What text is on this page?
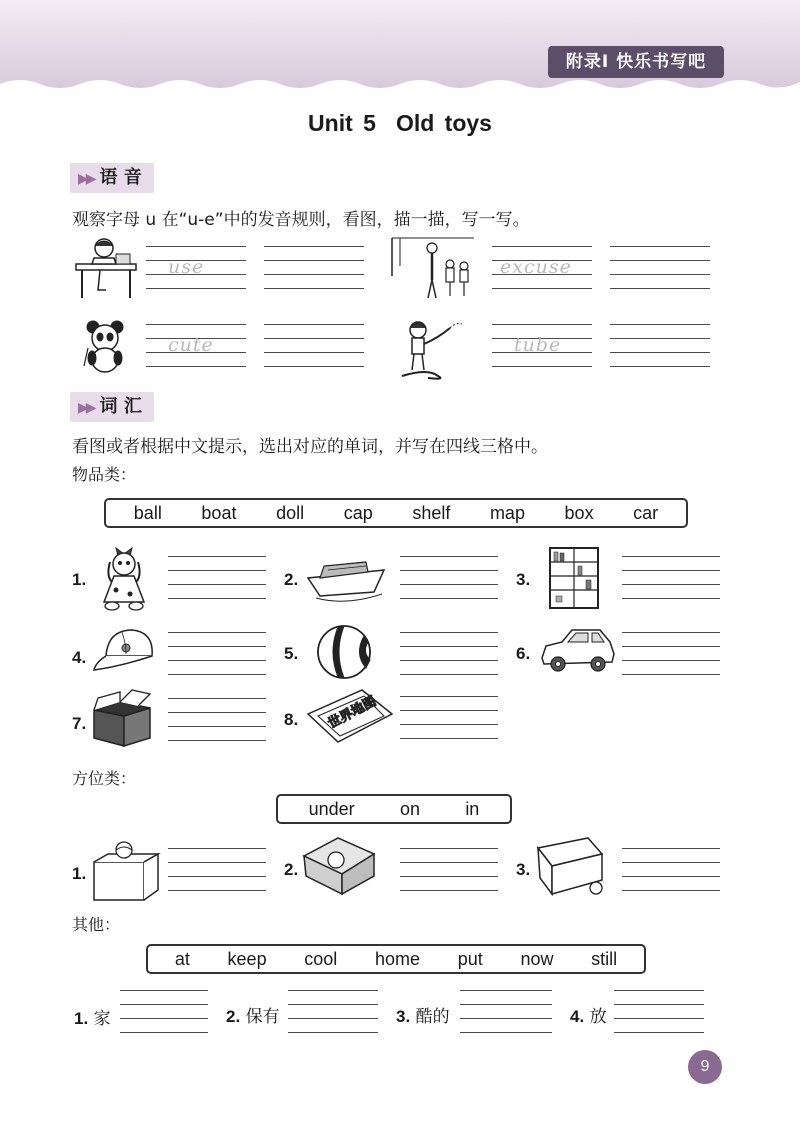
附录Ⅰ 快乐书写吧
Unit 5 Old toys
▶▶ 语 音
观察字母 u 在“u-e”中的发音规则，看图，描一描，写一写。
use	excuse
cute	tube
▶▶ 词 汇
看图或者根据中文提示，选出对应的单词，并写在四线三格中。
物品类：
ball boat doll cap shelf map box car
1.	2.	3.
4.	5.	6.
7.	8. 世界地图
方位类：
under	on	in
1.	2.	3.
其他：
at keep cool home put now still
1. 家	2. 保有	3. 酷的	4. 放
9
